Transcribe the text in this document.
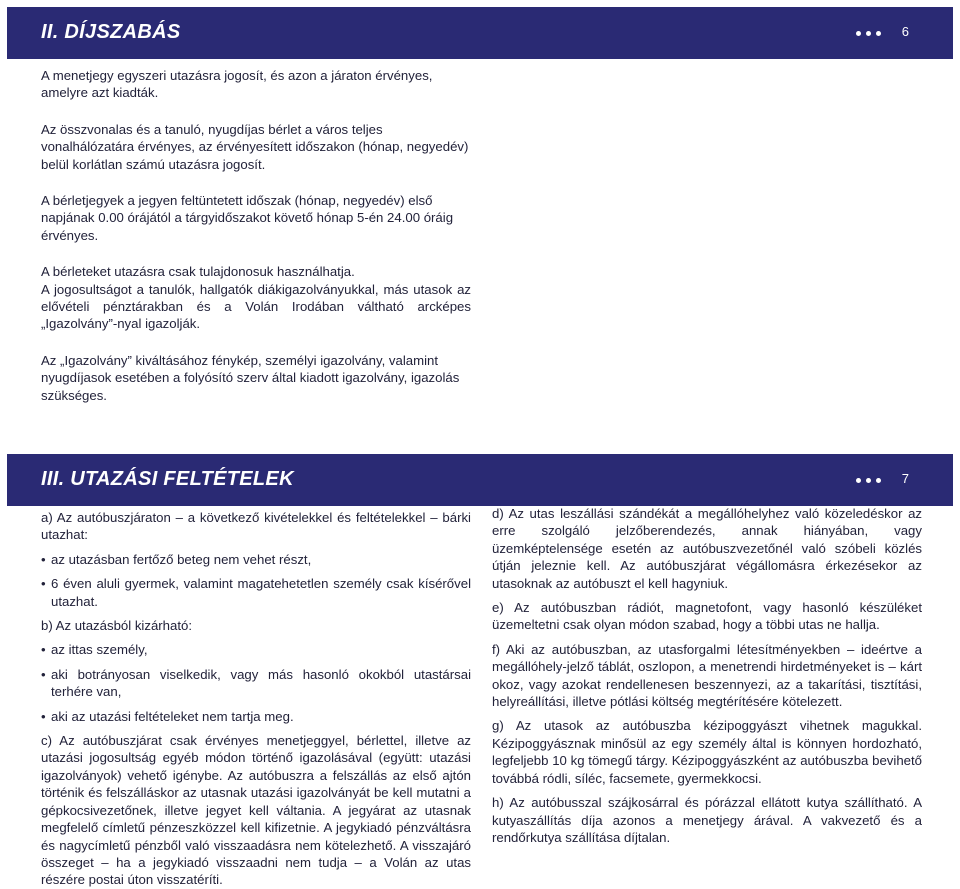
II. DÍJSZABÁS	6

A menetjegy egyszeri utazásra jogosít, és azon a járaton érvényes, amelyre azt kiadták.

Az összvonalas és a tanuló, nyugdíjas bérlet a város teljes vonalhálózatára érvényes, az érvényesített időszakon (hónap, negyedév) belül korlátlan számú utazásra jogosít.

A bérletjegyek a jegyen feltüntetett időszak (hónap, negyedév) első napjának 0.00 órájától a tárgyidőszakot követő hónap 5-én 24.00 óráig érvényes.

A bérleteket utazásra csak tulajdonosuk használhatja.

A jogosultságot a tanulók, hallgatók diákigazolványukkal, más utasok az elővételi pénztárakban és a Volán Irodában váltható arcképes „Igazolvány”-nyal igazolják.

Az „Igazolvány” kiváltásához fénykép, személyi igazolvány, valamint nyugdíjasok esetében a folyósító szerv által kiadott igazolvány, igazolás szükséges.

III. UTAZÁSI FELTÉTELEK	7

a) Az autóbuszjáraton – a következő kivételekkel és feltételekkel – bárki utazhat:

• az utazásban fertőző beteg nem vehet részt,

• 6 éven aluli gyermek, valamint magatehetetlen személy csak kísérővel utazhat.

b) Az utazásból kizárható:

• az ittas személy,

• aki botrányosan viselkedik, vagy más hasonló okokból utastársai terhére van,

• aki az utazási feltételeket nem tartja meg.

c) Az autóbuszjárat csak érvényes menetjeggyel, bérlettel, illetve az utazási jogosultság egyéb módon történő igazolásával (együtt: utazási igazolványok) vehető igénybe. Az autóbuszra a felszállás az első ajtón történik és felszálláskor az utasnak utazási igazolványát be kell mutatni a gépkocsivezetőnek, illetve jegyet kell váltania. A jegyárat az utasnak megfelelő címletű pénzeszközzel kell kifizetnie. A jegykiadó pénzváltásra és nagycímletű pénzből való visszaadásra nem kötelezhető. A visszajáró összeget – ha a jegykiadó visszaadni nem tudja – a Volán az utas részére postai úton visszatéríti.

d) Az utas leszállási szándékát a megállóhelyhez való közeledéskor az erre szolgáló jelzőberendezés, annak hiányában, vagy üzemképtelensége esetén az autóbuszvezetőnél való szóbeli közlés útján jeleznie kell. Az autóbuszjárat végállomásra érkezésekor az utasoknak az autóbuszt el kell hagyniuk.

e) Az autóbuszban rádiót, magnetofont, vagy hasonló készüléket üzemeltetni csak olyan módon szabad, hogy a többi utas ne hallja.

f) Aki az autóbuszban, az utasforgalmi létesítményekben – ideértve a megállóhely-jelző táblát, oszlopon, a menetrendi hirdetményeket is – kárt okoz, vagy azokat rendellenesen beszennyezi, az a takarítási, tisztítási, helyreállítási, illetve pótlási költség megtérítésére kötelezett.

g) Az utasok az autóbuszba kézipoggyászt vihetnek magukkal. Kézipoggyásznak minősül az egy személy által is könnyen hordozható, legfeljebb 10 kg tömegű tárgy. Kézipoggyászként az autóbuszba bevihető továbbá ródli, síléc, facsemete, gyermekkocsi.

h) Az autóbusszal szájkosárral és pórázzal ellátott kutya szállítható. A kutyaszállítás díja azonos a menetjegy árával. A vakvezető és a rendőrkutya szállítása díjtalan.
